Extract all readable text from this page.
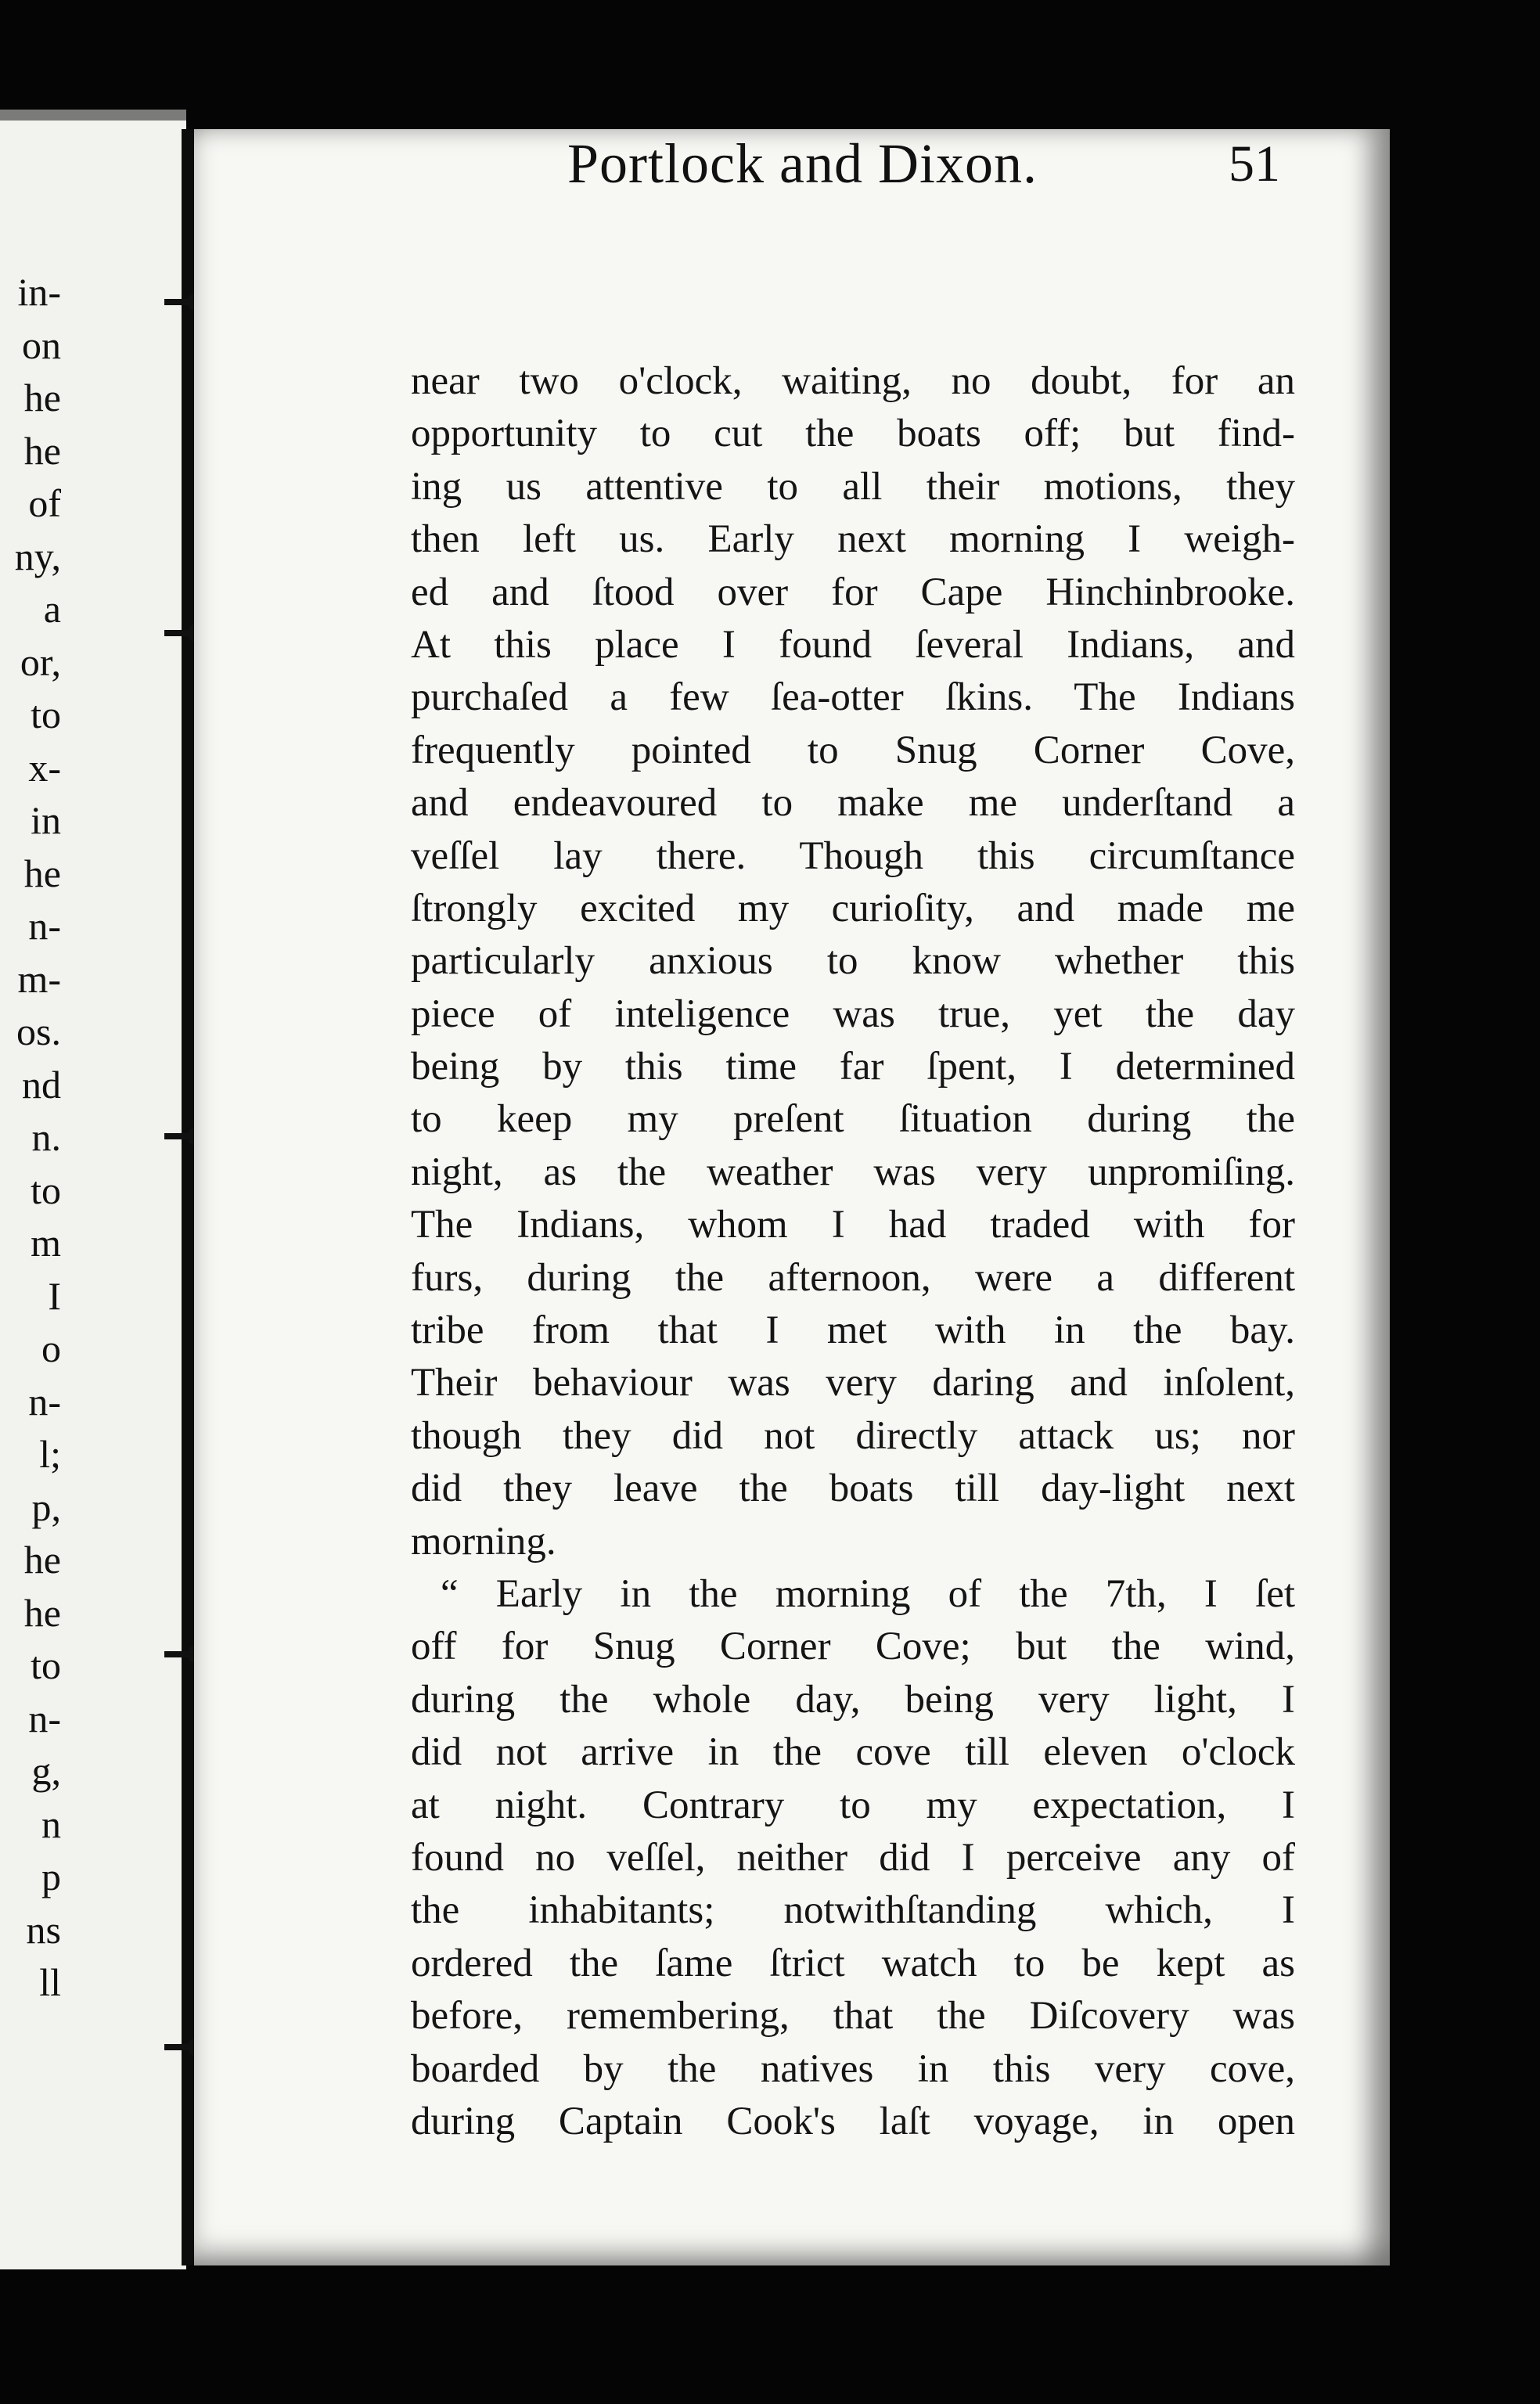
in-
on
he
he
of
ny,
a
or,
to
x-
in
he
n-
m-
os.
nd
n.
to
m
I
o
n-
l;
p,
he
he
to
n-
g,
n
p
ns
ll
Portlock and Dixon.	51
near two o'clock, waiting, no doubt, for an
opportunity to cut the boats off; but find-
ing us attentive to all their motions, they
then left us. Early next morning I weigh-
ed and ſtood over for Cape Hinchinbrooke.
At this place I found ſeveral Indians, and
purchaſed a few ſea-otter ſkins. The Indians
frequently pointed to Snug Corner Cove,
and endeavoured to make me underſtand a
veſſel lay there. Though this circumſtance
ſtrongly excited my curioſity, and made me
particularly anxious to know whether this
piece of inteligence was true, yet the day
being by this time far ſpent, I determined
to keep my preſent ſituation during the
night, as the weather was very unpromiſing.
The Indians, whom I had traded with for
furs, during the afternoon, were a different
tribe from that I met with in the bay.
Their behaviour was very daring and inſolent,
though they did not directly attack us; nor
did they leave the boats till day-light next
morning.
“ Early in the morning of the 7th, I ſet
off for Snug Corner Cove; but the wind,
during the whole day, being very light, I
did not arrive in the cove till eleven o'clock
at night. Contrary to my expectation, I
found no veſſel, neither did I perceive any of
the inhabitants; notwithſtanding which, I
ordered the ſame ſtrict watch to be kept as
before, remembering, that the Diſcovery was
boarded by the natives in this very cove,
during Captain Cook's laſt voyage, in open
